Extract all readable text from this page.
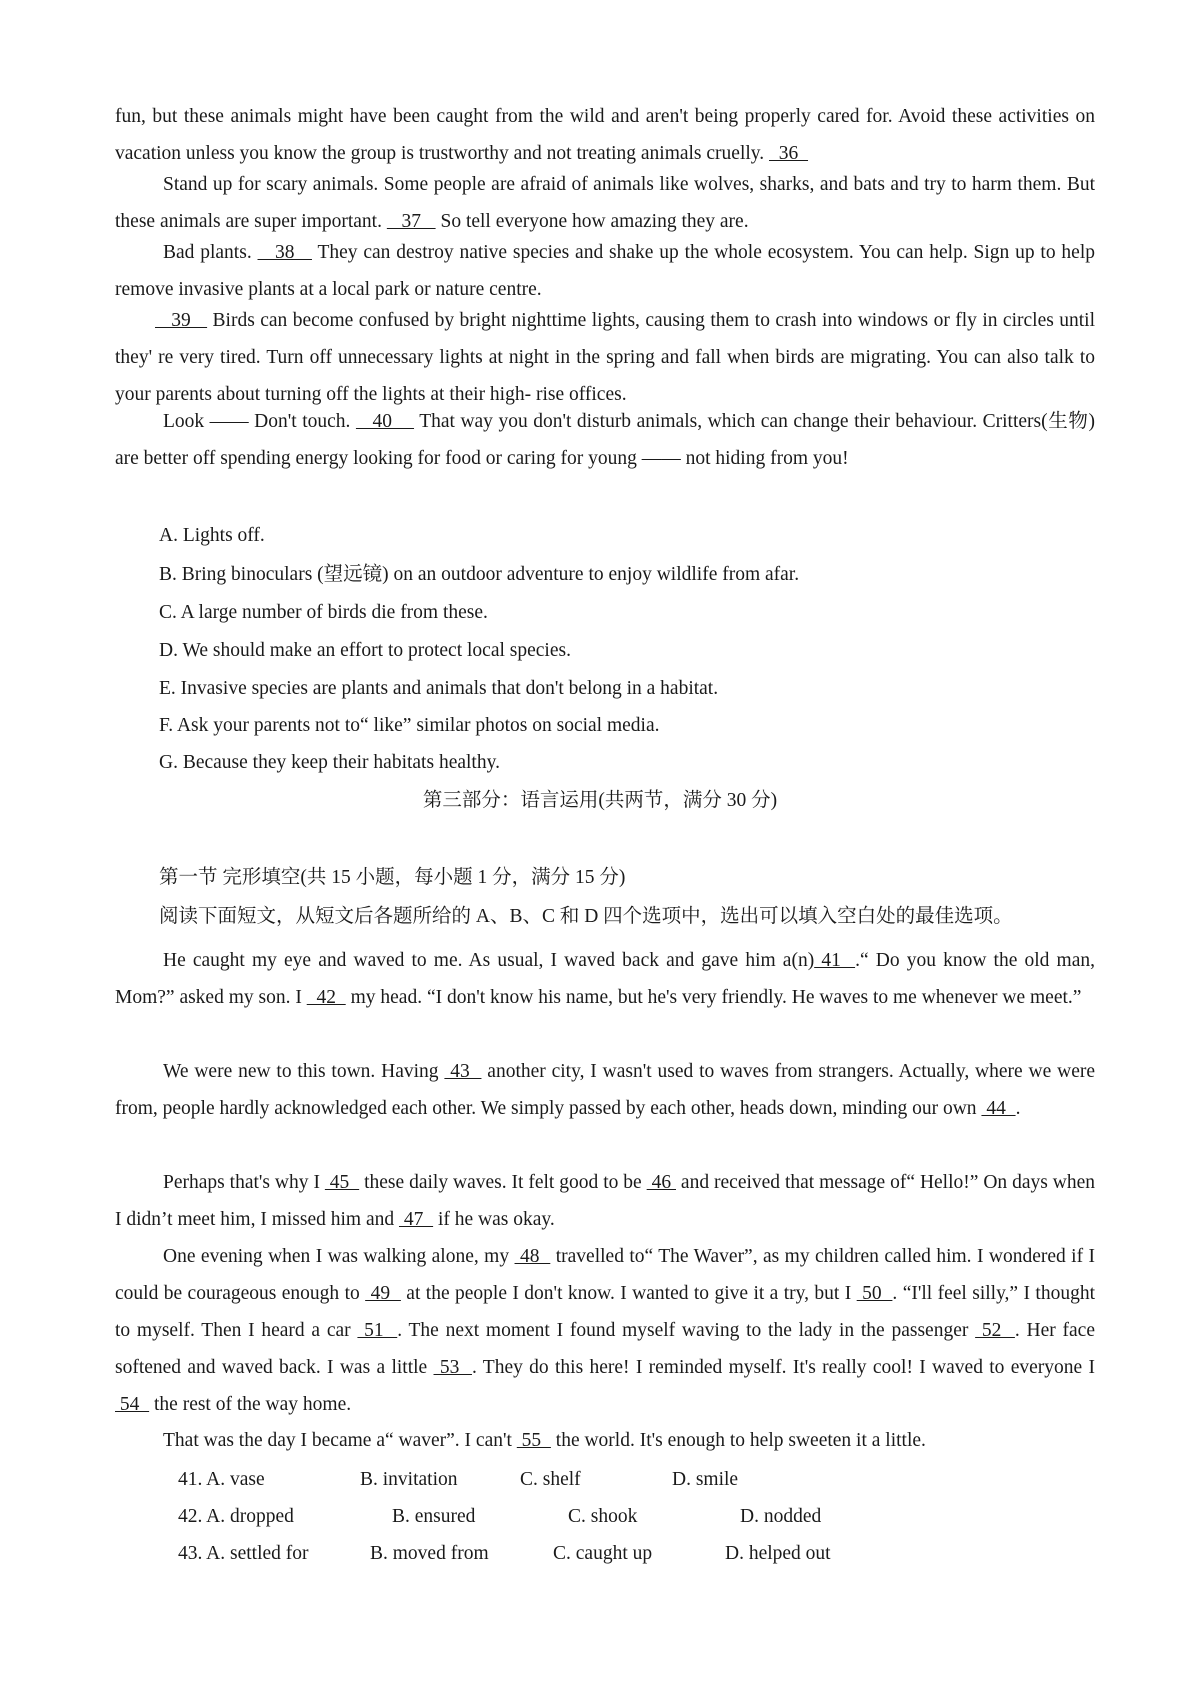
fun, but these animals might have been caught from the wild and aren't being properly cared for. Avoid these activities on vacation unless you know the group is trustworthy and not treating animals cruelly.   36

Stand up for scary animals. Some people are afraid of animals like wolves, sharks, and bats and try to harm them. But these animals are super important.    37    So tell everyone how amazing they are.

Bad plants.    38    They can destroy native species and shake up the whole ecosystem. You can help. Sign up to help remove invasive plants at a local park or nature centre.

39    Birds can become confused by bright nighttime lights, causing them to crash into windows or fly in circles until they' re very tired. Turn off unnecessary lights at night in the spring and fall when birds are migrating. You can also talk to your parents about turning off the lights at their high- rise offices.

Look —— Don't touch.    40     That way you don't disturb animals, which can change their behaviour. Critters(生物) are better off spending energy looking for food or caring for young —— not hiding from you!

A. Lights off.
B. Bring binoculars (望远镜) on an outdoor adventure to enjoy wildlife from afar.
C. A large number of birds die from these.
D. We should make an effort to protect local species.
E. Invasive species are plants and animals that don't belong in a habitat.
F. Ask your parents not to“ like” similar photos on social media.
G. Because they keep their habitats healthy.
第三部分：语言运用(共两节，满分 30 分)
第一节 完形填空(共 15 小题，每小题 1 分，满分 15 分)
阅读下面短文，从短文后各题所给的 A、B、C 和 D 四个选项中，选出可以填入空白处的最佳选项。

He caught my eye and waved to me. As usual, I waved back and gave him a(n) 41  .“ Do you know the old man, Mom?” asked my son. I   42   my head. “I don't know his name, but he's very friendly. He waves to me whenever we meet.”

We were new to this town. Having  43   another city, I wasn't used to waves from strangers. Actually, where we were from, people hardly acknowledged each other. We simply passed by each other, heads down, minding our own  44  .

Perhaps that's why I  45   these daily waves. It felt good to be  46  and received that message of“ Hello!” On days when I didn’t meet him, I missed him and  47   if he was okay.

One evening when I was walking alone, my  48   travelled to“ The Waver”, as my children called him. I wondered if I could be courageous enough to  49   at the people I don't know. I wanted to give it a try, but I  50  . “I'll feel silly,” I thought to myself. Then I heard a car  51  . The next moment I found myself waving to the lady in the passenger  52  . Her face softened and waved back. I was a little  53  . They do this here! I reminded myself. It's really cool! I waved to everyone I  54   the rest of the way home.

That was the day I became a“ waver”. I can't  55   the world. It's enough to help sweeten it a little.

41. A. vase	B. invitation	C. shelf	D. smile
42. A. dropped	B. ensured	C. shook	D. nodded
43. A. settled for	B. moved from	C. caught up	D. helped out
